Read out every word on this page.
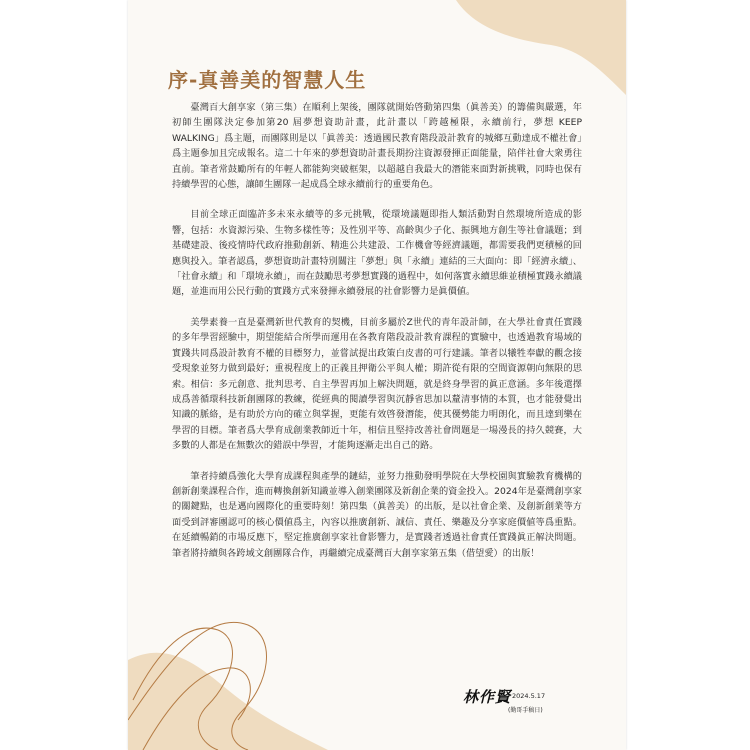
序-真善美的智慧人生

臺灣百大創享家（第三集）在順利上架後，團隊就開始啓動第四集（眞善美）的籌備與嚴選，年初師生團隊決定參加第20 屆夢想資助計畫，此計畫以「跨越極限，永續前行，夢想 KEEP WALKING」爲主題，而團隊則是以「眞善美：透過國民教育階段設計教育的城鄉互動達成不權社會」爲主題參加且完成報名。這二十年來的夢想資助計畫長期扮注資源發揮正面能量，陪伴社會大衆勇往直前。筆者常鼓勵所有的年輕人都能夠突破框架，以超越自我最大的潛能來面對新挑戰，同時也保有持續學習的心態，讓師生團隊一起成爲全球永續前行的重要角色。

目前全球正面臨許多未來永續等的多元挑戰，從環境議題即指人類活動對自然環境所造成的影響，包括：水資源污染、生物多樣性等；及性別平等、高齡與少子化、振興地方創生等社會議題；到基礎建設、後疫情時代政府推動創新、精進公共建設、工作機會等經濟議題，都需要我們更積極的回應與投入。筆者認爲，夢想資助計畫特別關注「夢想」與「永續」連結的三大面向：即「經濟永續」、「社會永續」和「環境永續」，而在鼓勵思考夢想實踐的過程中，如何落實永續思維並積極實踐永續議題，並進而用公民行動的實踐方式來發揮永續發展的社會影響力是眞價値。

美學素養一直是臺灣新世代教育的契機，目前多屬於Z世代的青年設計師，在大學社會責任實踐的多年學習經驗中，期望能結合所學而運用在各教育階段設計教育課程的實驗中，也透過教育場域的實踐共同爲設計教育不權的目標努力，並嘗試提出政策白皮書的可行建議。筆者以犧牲奉獻的觀念接受現象並努力做到最好；重視程度上的正義且押衛公平與人權；期許從有限的空間資源朝向無限的思索。相信：多元創意、批判思考、自主學習再加上解決問題，就是終身學習的眞正意涵。多年後還擇成爲善循環科技新創團隊的教練，從經典的閱讀學習與沉靜省思加以釐清事情的本質，也才能發覺出知識的脈絡，是有助於方向的確立與掌握，更能有效啓發潛能，使其優勢能力明朗化，而且達到樂在學習的目標。筆者爲大學育成創業教師近十年，相信且堅持改善社會問題是一場漫長的持久競賽，大多數的人都是在無數次的錯誤中學習，才能夠逐漸走出自己的路。

筆者持續爲強化大學育成課程與產學的鏈結，並努力推動發明學院在大學校園與實驗教育機構的創新創業課程合作，進而轉換創新知識並導入創業團隊及新創企業的資金投入。2024年是臺灣創享家的關鍵點，也是邁向國際化的重要時刻！第四集（眞善美）的出版，是以社會企業、及創新創業等方面受到評審團認可的核心價値爲主，內容以推廣創新、誠信、責任、樂趣及分享家庭價値等爲重點。在延續暢銷的市場反應下，堅定推廣創享家社會影響力，是實踐者透過社會責任實踐眞正解決問題。筆者將持續與各跨域文創團隊合作，再繼續完成臺灣百大創享家第五集（借望愛）的出版！

林作賢 2024.5.17
(勤哥手稿日)
